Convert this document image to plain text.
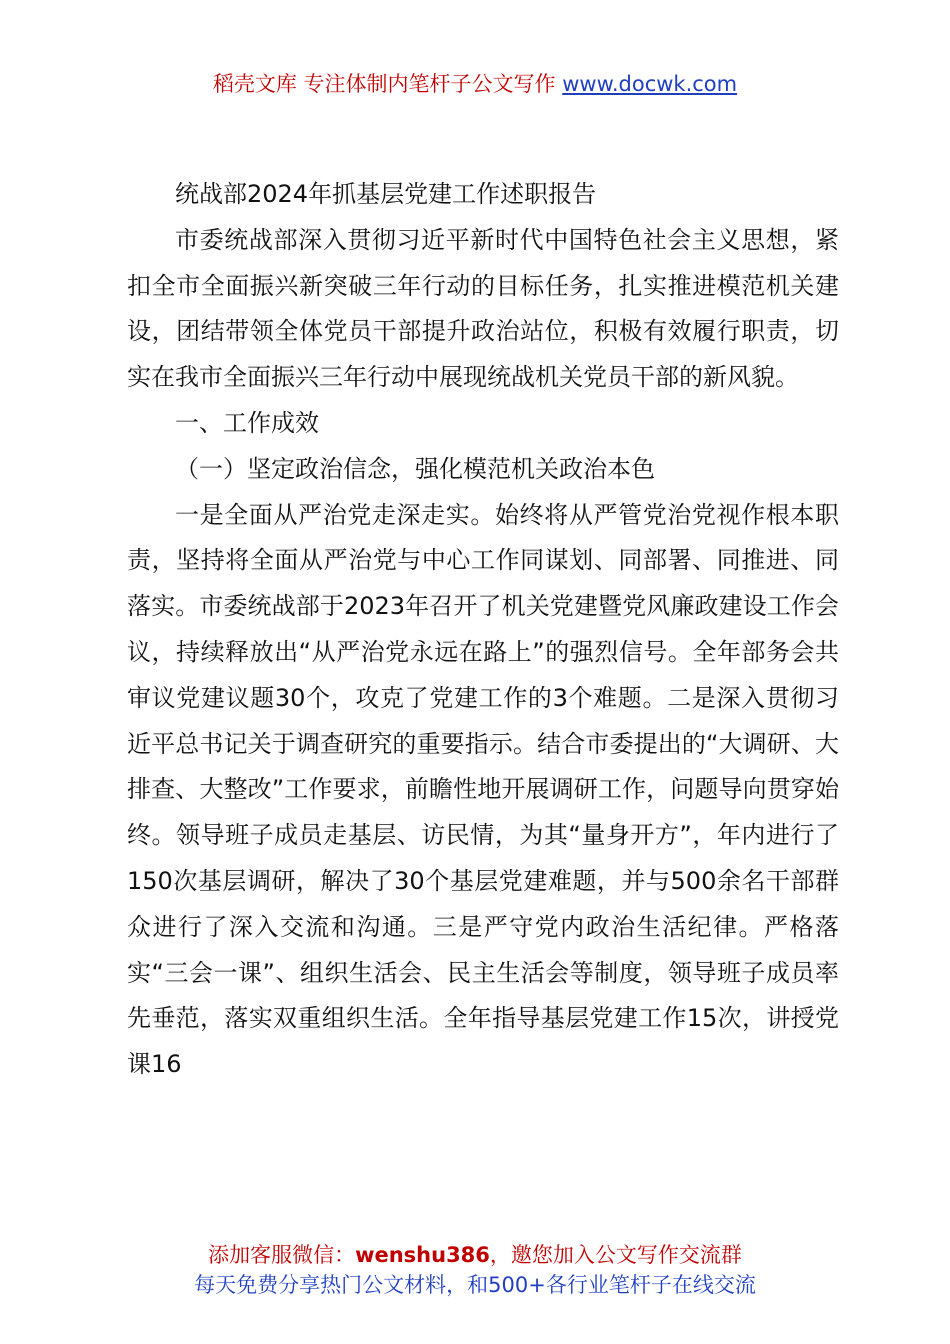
稻壳文库 专注体制内笔杆子公文写作 www.docwk.com

统战部2024年抓基层党建工作述职报告

市委统战部深入贯彻习近平新时代中国特色社会主义思想，紧扣全市全面振兴新突破三年行动的目标任务，扎实推进模范机关建设，团结带领全体党员干部提升政治站位，积极有效履行职责，切实在我市全面振兴三年行动中展现统战机关党员干部的新风貌。

一、工作成效

（一）坚定政治信念，强化模范机关政治本色

一是全面从严治党走深走实。始终将从严管党治党视作根本职责，坚持将全面从严治党与中心工作同谋划、同部署、同推进、同落实。市委统战部于2023年召开了机关党建暨党风廉政建设工作会议，持续释放出“从严治党永远在路上”的强烈信号。全年部务会共审议党建议题30个，攻克了党建工作的3个难题。二是深入贯彻习近平总书记关于调查研究的重要指示。结合市委提出的“大调研、大排查、大整改”工作要求，前瞻性地开展调研工作，问题导向贯穿始终。领导班子成员走基层、访民情，为其“量身开方”，年内进行了150次基层调研，解决了30个基层党建难题，并与500余名干部群众进行了深入交流和沟通。三是严守党内政治生活纪律。严格落实“三会一课”、组织生活会、民主生活会等制度，领导班子成员率先垂范，落实双重组织生活。全年指导基层党建工作15次，讲授党课16

添加客服微信：wenshu386，邀您加入公文写作交流群
每天免费分享热门公文材料，和500+各行业笔杆子在线交流
